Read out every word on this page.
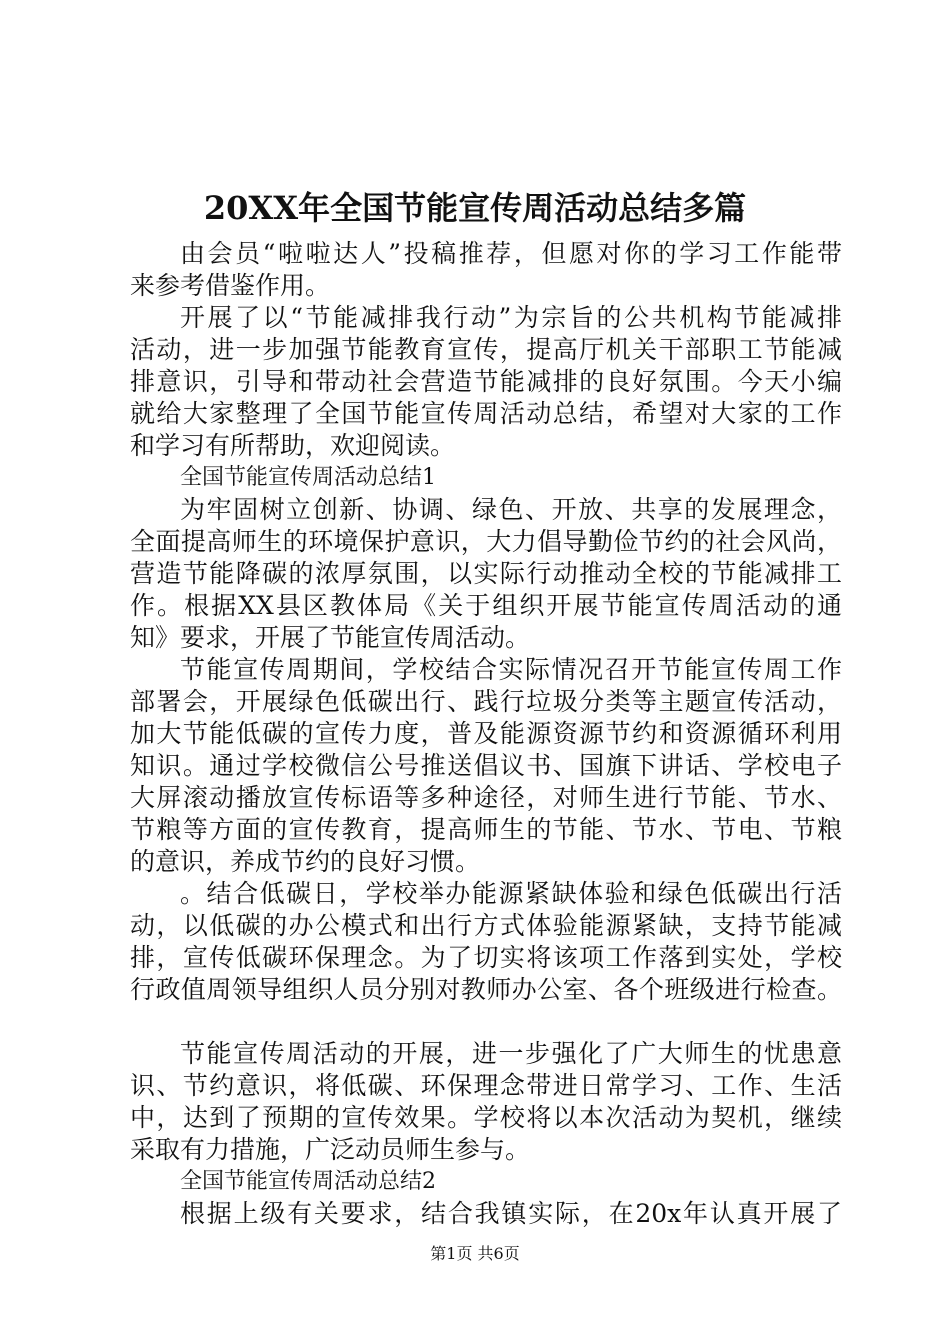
20XX年全国节能宣传周活动总结多篇
由会员“啦啦达人”投稿推荐，但愿对你的学习工作能带
来参考借鉴作用。
开展了以“节能减排我行动”为宗旨的公共机构节能减排
活动，进一步加强节能教育宣传，提高厅机关干部职工节能减
排意识，引导和带动社会营造节能减排的良好氛围。今天小编
就给大家整理了全国节能宣传周活动总结，希望对大家的工作
和学习有所帮助，欢迎阅读。
全国节能宣传周活动总结1
为牢固树立创新、协调、绿色、开放、共享的发展理念，
全面提高师生的环境保护意识，大力倡导勤俭节约的社会风尚，
营造节能降碳的浓厚氛围，以实际行动推动全校的节能减排工
作。根据XX县区教体局《关于组织开展节能宣传周活动的通
知》要求，开展了节能宣传周活动。
节能宣传周期间，学校结合实际情况召开节能宣传周工作
部署会，开展绿色低碳出行、践行垃圾分类等主题宣传活动，
加大节能低碳的宣传力度，普及能源资源节约和资源循环利用
知识。通过学校微信公号推送倡议书、国旗下讲话、学校电子
大屏滚动播放宣传标语等多种途径，对师生进行节能、节水、
节粮等方面的宣传教育，提高师生的节能、节水、节电、节粮
的意识，养成节约的良好习惯。
。结合低碳日，学校举办能源紧缺体验和绿色低碳出行活
动，以低碳的办公模式和出行方式体验能源紧缺，支持节能减
排，宣传低碳环保理念。为了切实将该项工作落到实处，学校
行政值周领导组织人员分别对教师办公室、各个班级进行检查。
节能宣传周活动的开展，进一步强化了广大师生的忧患意
识、节约意识，将低碳、环保理念带进日常学习、工作、生活
中，达到了预期的宣传效果。学校将以本次活动为契机，继续
采取有力措施，广泛动员师生参与。
全国节能宣传周活动总结2
根据上级有关要求，结合我镇实际，在20x年认真开展了
第1页 共6页
